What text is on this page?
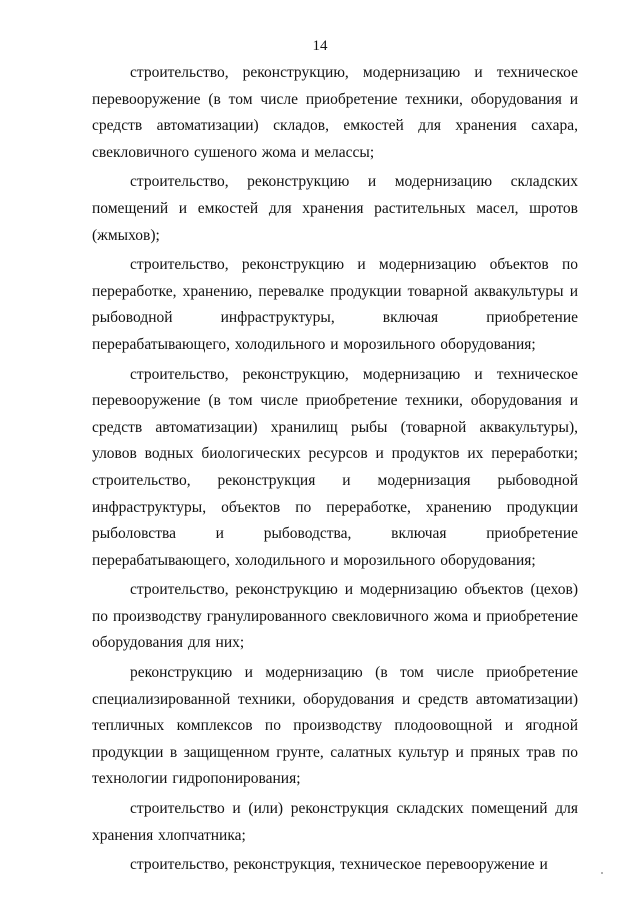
14

строительство, реконструкцию, модернизацию и техническое перевооружение (в том числе приобретение техники, оборудования и средств автоматизации) складов, емкостей для хранения сахара, свекловичного сушеного жома и мелассы;

строительство, реконструкцию и модернизацию складских помещений и емкостей для хранения растительных масел, шротов (жмыхов);

строительство, реконструкцию и модернизацию объектов по переработке, хранению, перевалке продукции товарной аквакультуры и рыбоводной инфраструктуры, включая приобретение перерабатывающего, холодильного и морозильного оборудования;

строительство, реконструкцию, модернизацию и техническое перевооружение (в том числе приобретение техники, оборудования и средств автоматизации) хранилищ рыбы (товарной аквакультуры), уловов водных биологических ресурсов и продуктов их переработки; строительство, реконструкция и модернизация рыбоводной инфраструктуры, объектов по переработке, хранению продукции рыболовства и рыбоводства, включая приобретение перерабатывающего, холодильного и морозильного оборудования;

строительство, реконструкцию и модернизацию объектов (цехов) по производству гранулированного свекловичного жома и приобретение оборудования для них;

реконструкцию и модернизацию (в том числе приобретение специализированной техники, оборудования и средств автоматизации) тепличных комплексов по производству плодоовощной и ягодной продукции в защищенном грунте, салатных культур и пряных трав по технологии гидропонирования;

строительство и (или) реконструкция складских помещений для хранения хлопчатника;

строительство, реконструкция, техническое перевооружение и
